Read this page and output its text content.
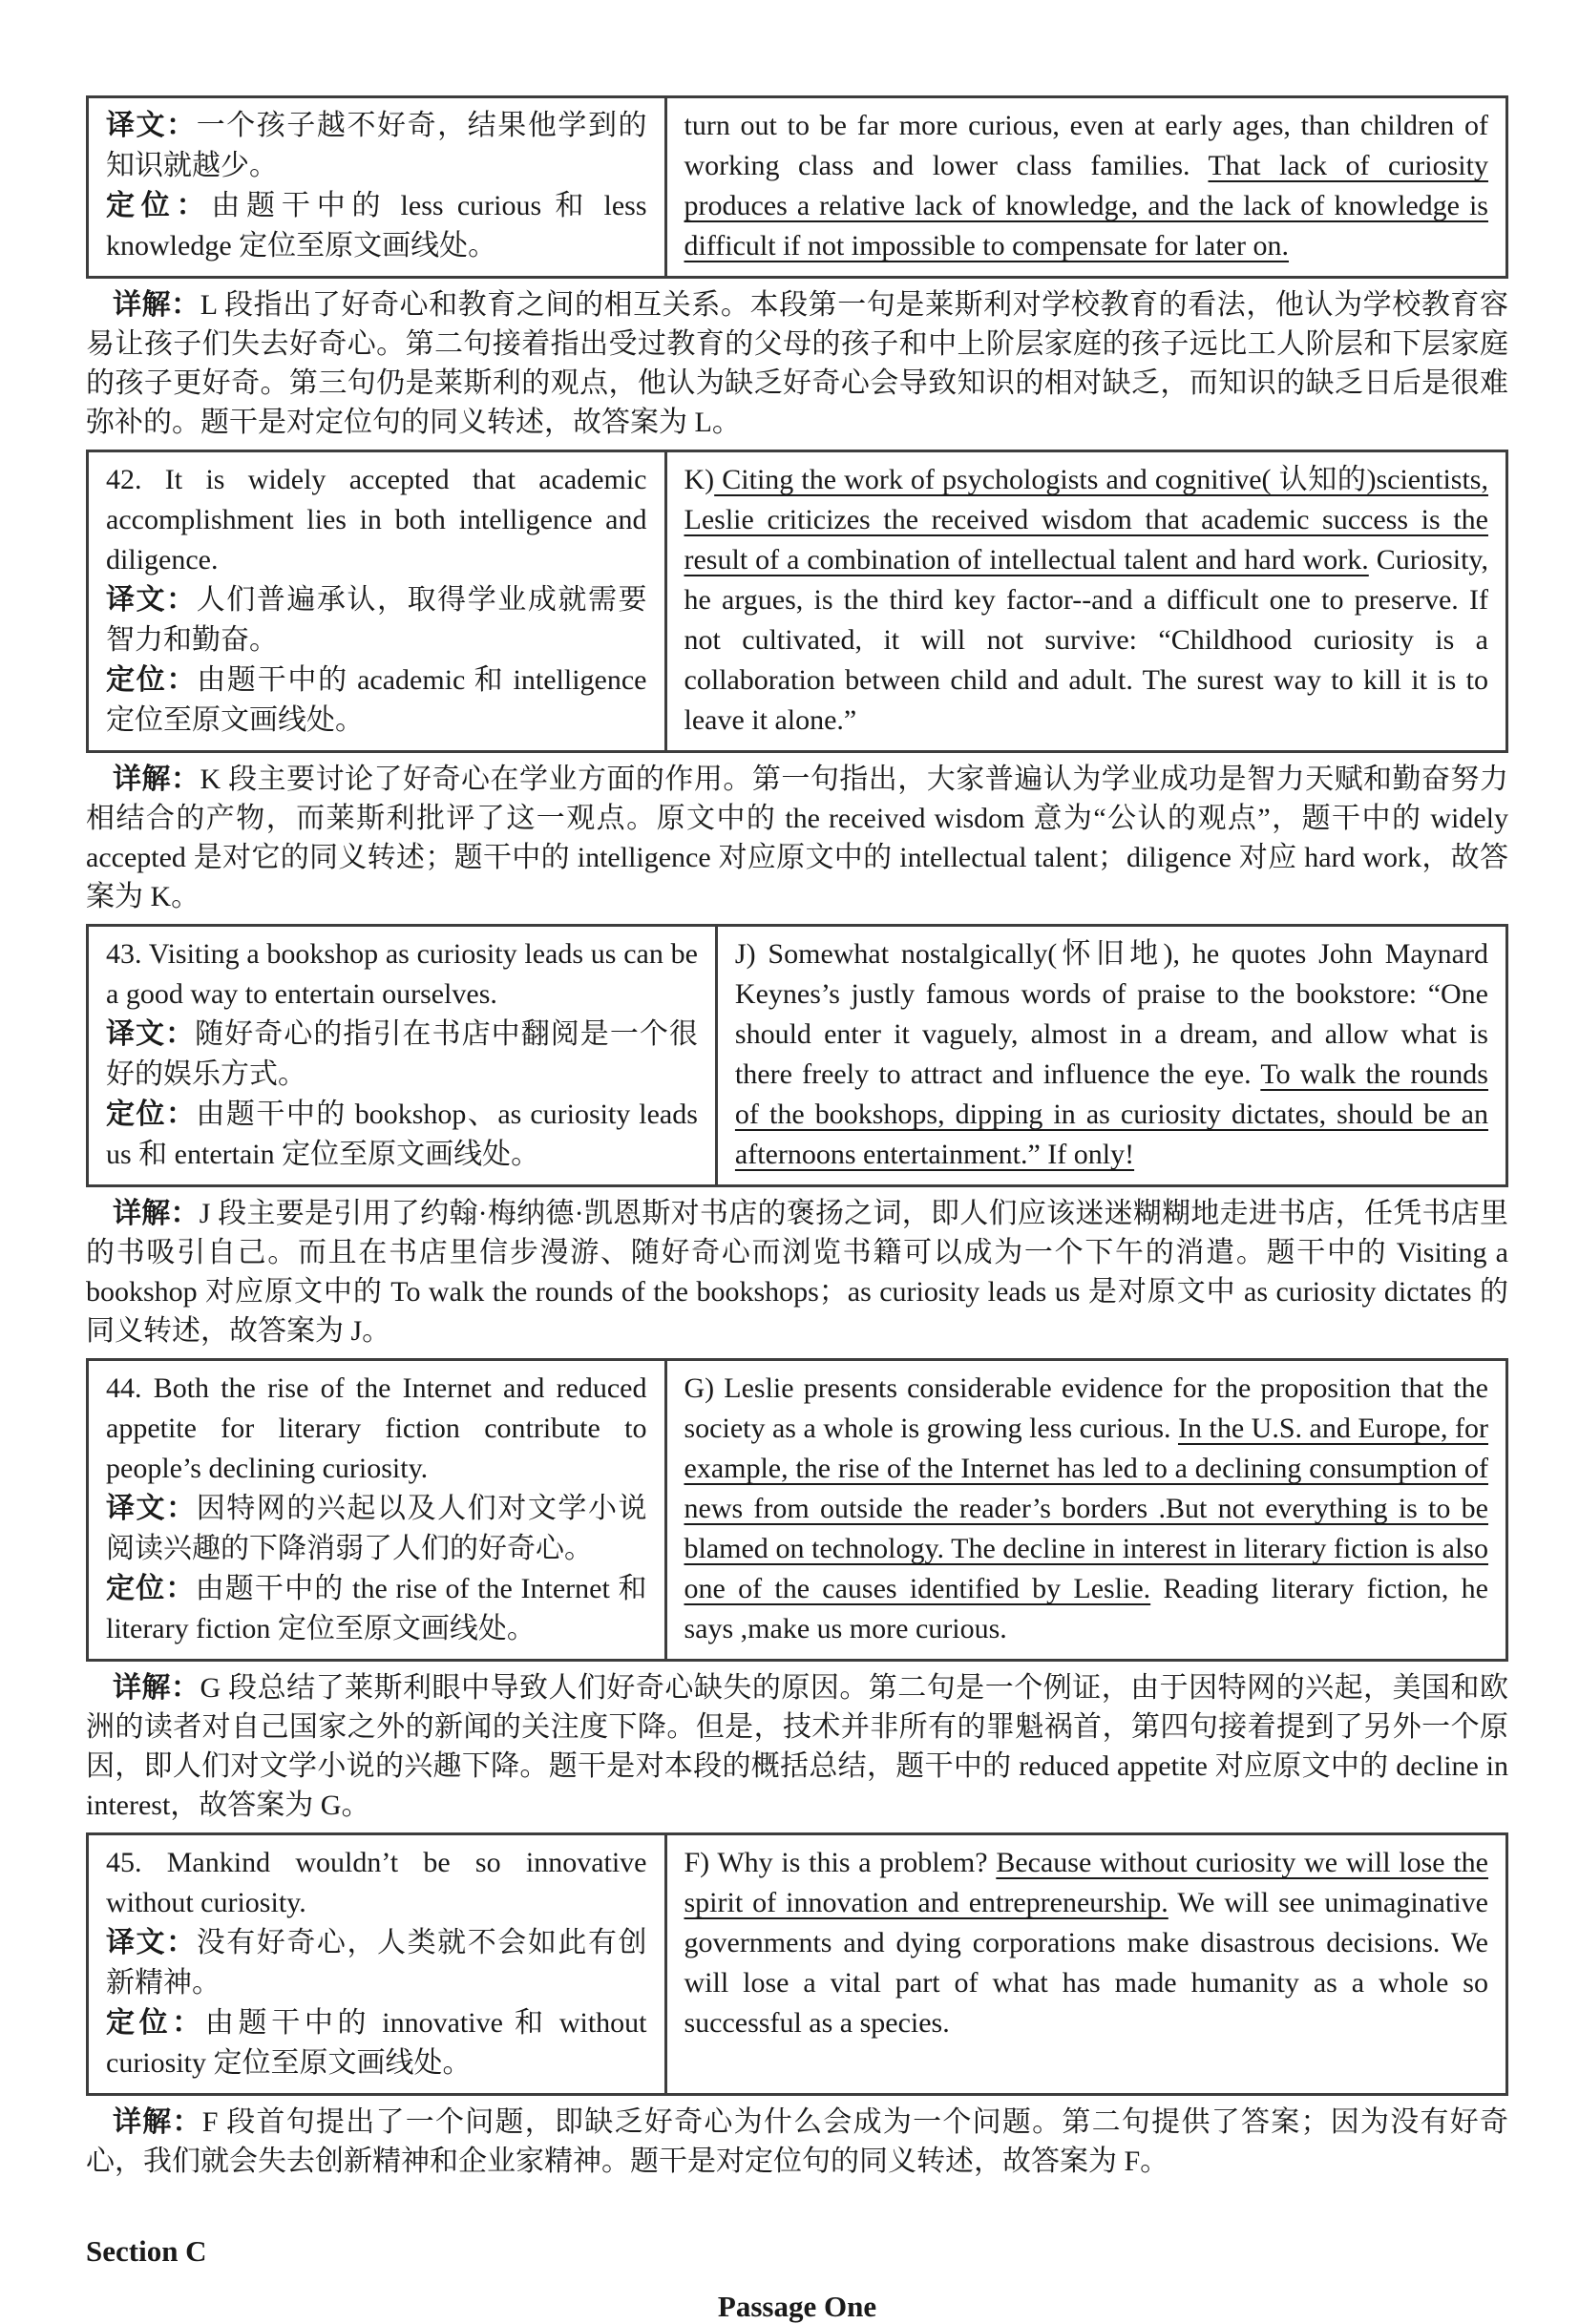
译文：一个孩子越不好奇，结果他学到的知识就越少。
定位：由题干中的 less curious 和 less knowledge 定位至原文画线处。
turn out to be far more curious, even at early ages, than children of working class and lower class families. That lack of curiosity produces a relative lack of knowledge, and the lack of knowledge is difficult if not impossible to compensate for later on.
详解：L 段指出了好奇心和教育之间的相互关系。本段第一句是莱斯利对学校教育的看法，他认为学校教育容易让孩子们失去好奇心。第二句接着指出受过教育的父母的孩子和中上阶层家庭的孩子远比工人阶层和下层家庭的孩子更好奇。第三句仍是莱斯利的观点，他认为缺乏好奇心会导致知识的相对缺乏，而知识的缺乏日后是很难弥补的。题干是对定位句的同义转述，故答案为 L。
42. It is widely accepted that academic accomplishment lies in both intelligence and diligence.
译文：人们普遍承认，取得学业成就需要智力和勤奋。
定位：由题干中的 academic 和 intelligence 定位至原文画线处。
K) Citing the work of psychologists and cognitive( 认知的)scientists, Leslie criticizes the received wisdom that academic success is the result of a combination of intellectual talent and hard work. Curiosity, he argues, is the third key factor--and a difficult one to preserve. If not cultivated, it will not survive: “Childhood curiosity is a collaboration between child and adult. The surest way to kill it is to leave it alone.”
详解：K 段主要讨论了好奇心在学业方面的作用。第一句指出，大家普遍认为学业成功是智力天赋和勤奋努力相结合的产物，而莱斯利批评了这一观点。原文中的 the received wisdom 意为“公认的观点”，题干中的 widely accepted 是对它的同义转述；题干中的 intelligence 对应原文中的 intellectual talent；diligence 对应 hard work，故答案为 K。
43. Visiting a bookshop as curiosity leads us can be a good way to entertain ourselves.
译文：随好奇心的指引在书店中翻阅是一个很好的娱乐方式。
定位：由题干中的 bookshop、as curiosity leads us 和 entertain 定位至原文画线处。
J) Somewhat nostalgically(怀旧地), he quotes John Maynard Keynes’s justly famous words of praise to the bookstore: “One should enter it vaguely, almost in a dream, and allow what is there freely to attract and influence the eye. To walk the rounds of the bookshops, dipping in as curiosity dictates, should be an afternoons entertainment.” If only!
详解：J 段主要是引用了约翰·梅纳德·凯恩斯对书店的褒扬之词，即人们应该迷迷糊糊地走进书店，任凭书店里的书吸引自己。而且在书店里信步漫游、随好奇心而浏览书籍可以成为一个下午的消遣。题干中的 Visiting a bookshop 对应原文中的 To walk the rounds of the bookshops；as curiosity leads us 是对原文中 as curiosity dictates 的同义转述，故答案为 J。
44. Both the rise of the Internet and reduced appetite for literary fiction contribute to people’s declining curiosity.
译文：因特网的兴起以及人们对文学小说阅读兴趣的下降消弱了人们的好奇心。
定位：由题干中的 the rise of the Internet 和 literary fiction 定位至原文画线处。
G) Leslie presents considerable evidence for the proposition that the society as a whole is growing less curious. In the U.S. and Europe, for example, the rise of the Internet has led to a declining consumption of news from outside the reader’s borders .But not everything is to be blamed on technology. The decline in interest in literary fiction is also one of the causes identified by Leslie. Reading literary fiction, he says ,make us more curious.
详解：G 段总结了莱斯利眼中导致人们好奇心缺失的原因。第二句是一个例证，由于因特网的兴起，美国和欧洲的读者对自己国家之外的新闻的关注度下降。但是，技术并非所有的罪魁祸首，第四句接着提到了另外一个原因，即人们对文学小说的兴趣下降。题干是对本段的概括总结，题干中的 reduced appetite 对应原文中的 decline in interest，故答案为 G。
45. Mankind wouldn’t be so innovative without curiosity.
译文：没有好奇心，人类就不会如此有创新精神。
定位：由题干中的 innovative 和 without curiosity 定位至原文画线处。
F) Why is this a problem? Because without curiosity we will lose the spirit of innovation and entrepreneurship. We will see unimaginative governments and dying corporations make disastrous decisions. We will lose a vital part of what has made humanity as a whole so successful as a species.
详解：F 段首句提出了一个问题，即缺乏好奇心为什么会成为一个问题。第二句提供了答案；因为没有好奇心，我们就会失去创新精神和企业家精神。题干是对定位句的同义转述，故答案为 F。
Section C
Passage One
